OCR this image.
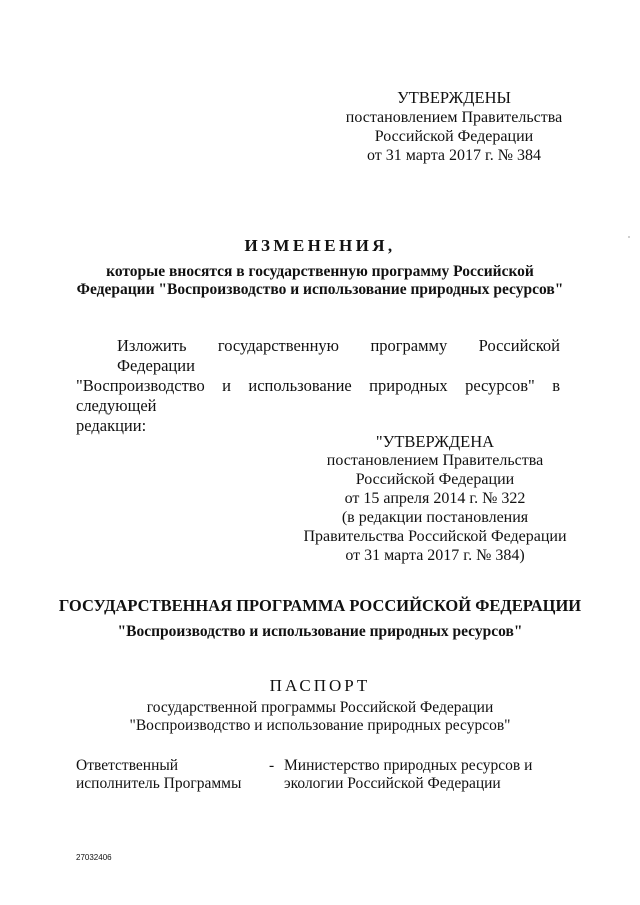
УТВЕРЖДЕНЫ
постановлением Правительства
Российской Федерации
от 31 марта 2017 г. № 384
ИЗМЕНЕНИЯ,
которые вносятся в государственную программу Российской
Федерации "Воспроизводство и использование природных ресурсов"
Изложить государственную программу Российской Федерации
"Воспроизводство и использование природных ресурсов" в следующей
редакции:
"УТВЕРЖДЕНА
постановлением Правительства
Российской Федерации
от 15 апреля 2014 г. № 322
(в редакции постановления
Правительства Российской Федерации
от 31 марта 2017 г. № 384)
ГОСУДАРСТВЕННАЯ ПРОГРАММА РОССИЙСКОЙ ФЕДЕРАЦИИ
"Воспроизводство и использование природных ресурсов"
ПАСПОРТ
государственной программы Российской Федерации
"Воспроизводство и использование природных ресурсов"
Ответственный
исполнитель Программы
- Министерство природных ресурсов и
экологии Российской Федерации
27032406
